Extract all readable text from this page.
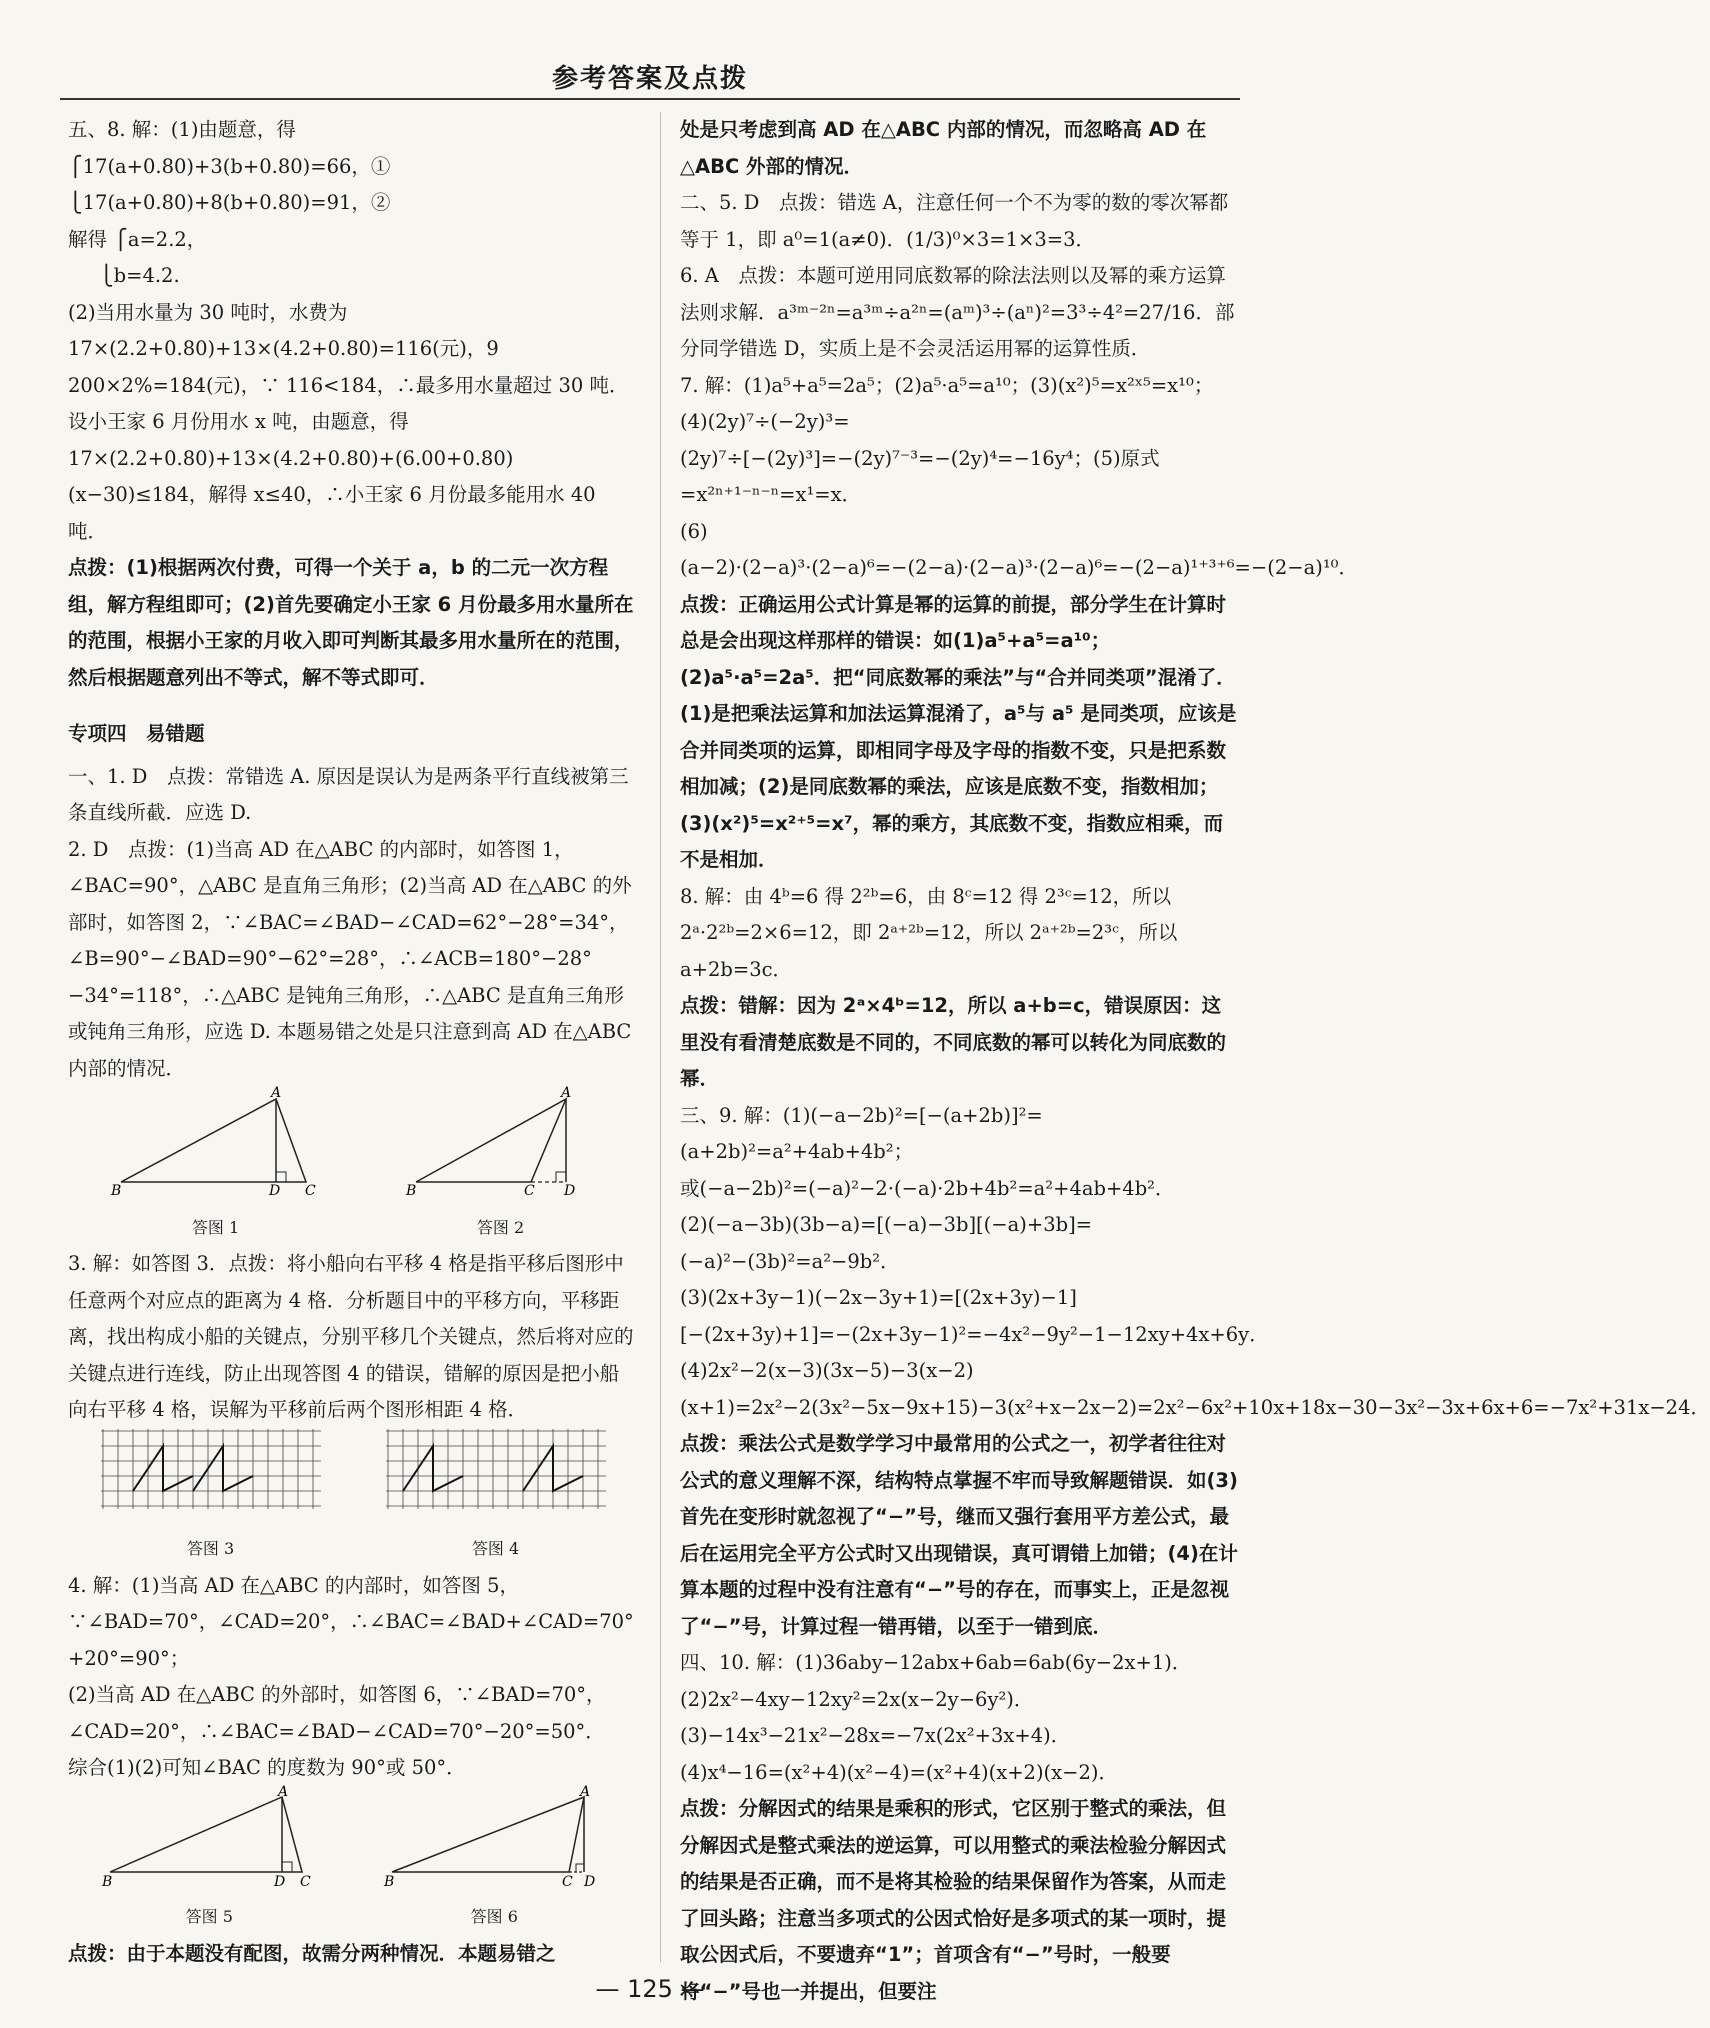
参考答案及点拨

五、8. 解：(1)由题意，得

⎧17(a+0.80)+3(b+0.80)=66，①

⎩17(a+0.80)+8(b+0.80)=91，②

解得 ⎧a=2.2，

⎩b=4.2.

(2)当用水量为 30 吨时，水费为 17×(2.2+0.80)+13×(4.2+0.80)=116(元)，9 200×2%=184(元)，∵ 116<184，∴最多用水量超过 30 吨．设小王家 6 月份用水 x 吨，由题意，得 17×(2.2+0.80)+13×(4.2+0.80)+(6.00+0.80)(x−30)≤184，解得 x≤40，∴小王家 6 月份最多能用水 40 吨．

点拨：(1)根据两次付费，可得一个关于 a，b 的二元一次方程组，解方程组即可；(2)首先要确定小王家 6 月份最多用水量所在的范围，根据小王家的月收入即可判断其最多用水量所在的范围，然后根据题意列出不等式，解不等式即可．

专项四　易错题

一、1. D　点拨：常错选 A. 原因是误认为是两条平行直线被第三条直线所截．应选 D.

2. D　点拨：(1)当高 AD 在△ABC 的内部时，如答图 1，∠BAC=90°，△ABC 是直角三角形；(2)当高 AD 在△ABC 的外部时，如答图 2，∵∠BAC=∠BAD−∠CAD=62°−28°=34°，∠B=90°−∠BAD=90°−62°=28°，∴∠ACB=180°−28°−34°=118°，∴△ABC 是钝角三角形，∴△ABC 是直角三角形或钝角三角形，应选 D. 本题易错之处是只注意到高 AD 在△ABC 内部的情况．

A
B	D C
答图 1
A
B	C D
答图 2

3. 解：如答图 3．点拨：将小船向右平移 4 格是指平移后图形中任意两个对应点的距离为 4 格．分析题目中的平移方向，平移距离，找出构成小船的关键点，分别平移几个关键点，然后将对应的关键点进行连线，防止出现答图 4 的错误，错解的原因是把小船向右平移 4 格，误解为平移前后两个图形相距 4 格．

答图 3	答图 4

4. 解：(1)当高 AD 在△ABC 的内部时，如答图 5，∵∠BAD=70°，∠CAD=20°，∴∠BAC=∠BAD+∠CAD=70°+20°=90°；

(2)当高 AD 在△ABC 的外部时，如答图 6，∵∠BAD=70°，∠CAD=20°，∴∠BAC=∠BAD−∠CAD=70°−20°=50°．

综合(1)(2)可知∠BAC 的度数为 90°或 50°．

A
B	D C
答图 5
A
B	C D
答图 6

点拨：由于本题没有配图，故需分两种情况．本题易错之

处是只考虑到高 AD 在△ABC 内部的情况，而忽略高 AD 在△ABC 外部的情况．

二、5. D　点拨：错选 A，注意任何一个不为零的数的零次幂都等于 1，即 a⁰=1(a≠0)．(1/3)⁰×3=1×3=3．

6. A　点拨：本题可逆用同底数幂的除法法则以及幂的乘方运算法则求解．a³ᵐ⁻²ⁿ=a³ᵐ÷a²ⁿ=(aᵐ)³÷(aⁿ)²=3³÷4²=27/16．部分同学错选 D，实质上是不会灵活运用幂的运算性质．

7. 解：(1)a⁵+a⁵=2a⁵；(2)a⁵·a⁵=a¹⁰；(3)(x²)⁵=x²ˣ⁵=x¹⁰；(4)(2y)⁷÷(−2y)³=(2y)⁷÷[−(2y)³]=−(2y)⁷⁻³=−(2y)⁴=−16y⁴；(5)原式=x²ⁿ⁺¹⁻ⁿ⁻ⁿ=x¹=x．

(6)(a−2)·(2−a)³·(2−a)⁶=−(2−a)·(2−a)³·(2−a)⁶=−(2−a)¹⁺³⁺⁶=−(2−a)¹⁰．

点拨：正确运用公式计算是幂的运算的前提，部分学生在计算时总是会出现这样那样的错误：如(1)a⁵+a⁵=a¹⁰；(2)a⁵·a⁵=2a⁵．把“同底数幂的乘法”与“合并同类项”混淆了．(1)是把乘法运算和加法运算混淆了，a⁵与 a⁵ 是同类项，应该是合并同类项的运算，即相同字母及字母的指数不变，只是把系数相加减；(2)是同底数幂的乘法，应该是底数不变，指数相加；(3)(x²)⁵=x²⁺⁵=x⁷，幂的乘方，其底数不变，指数应相乘，而不是相加．

8. 解：由 4ᵇ=6 得 2²ᵇ=6，由 8ᶜ=12 得 2³ᶜ=12，所以 2ᵃ·2²ᵇ=2×6=12，即 2ᵃ⁺²ᵇ=12，所以 2ᵃ⁺²ᵇ=2³ᶜ，所以 a+2b=3c．

点拨：错解：因为 2ᵃ×4ᵇ=12，所以 a+b=c，错误原因：这里没有看清楚底数是不同的，不同底数的幂可以转化为同底数的幂．

三、9. 解：(1)(−a−2b)²=[−(a+2b)]²=(a+2b)²=a²+4ab+4b²；

或(−a−2b)²=(−a)²−2·(−a)·2b+4b²=a²+4ab+4b²．

(2)(−a−3b)(3b−a)=[(−a)−3b][(−a)+3b]=(−a)²−(3b)²=a²−9b²．

(3)(2x+3y−1)(−2x−3y+1)=[(2x+3y)−1][−(2x+3y)+1]=−(2x+3y−1)²=−4x²−9y²−1−12xy+4x+6y．

(4)2x²−2(x−3)(3x−5)−3(x−2)(x+1)=2x²−2(3x²−5x−9x+15)−3(x²+x−2x−2)=2x²−6x²+10x+18x−30−3x²−3x+6x+6=−7x²+31x−24．

点拨：乘法公式是数学学习中最常用的公式之一，初学者往往对公式的意义理解不深，结构特点掌握不牢而导致解题错误．如(3)首先在变形时就忽视了“−”号，继而又强行套用平方差公式，最后在运用完全平方公式时又出现错误，真可谓错上加错；(4)在计算本题的过程中没有注意有“−”号的存在，而事实上，正是忽视了“−”号，计算过程一错再错，以至于一错到底．

四、10. 解：(1)36aby−12abx+6ab=6ab(6y−2x+1)．

(2)2x²−4xy−12xy²=2x(x−2y−6y²)．

(3)−14x³−21x²−28x=−7x(2x²+3x+4)．

(4)x⁴−16=(x²+4)(x²−4)=(x²+4)(x+2)(x−2)．

点拨：分解因式的结果是乘积的形式，它区别于整式的乘法，但分解因式是整式乘法的逆运算，可以用整式的乘法检验分解因式的结果是否正确，而不是将其检验的结果保留作为答案，从而走了回头路；注意当多项式的公因式恰好是多项式的某一项时，提取公因式后，不要遗弃“1”；首项含有“−”号时，一般要将“−”号也一并提出，但要注

— 125 —
